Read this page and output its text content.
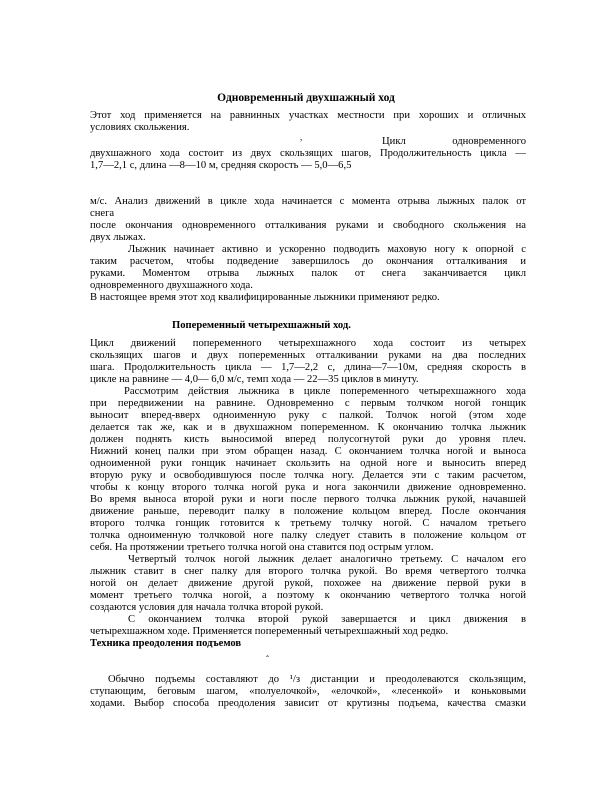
Одновременный двухшажный ход
Этот ход применяется на равнинных участках местности при хороших и отличных
условиях скольжения.
,	Цикл одновременного
двухшажного хода состоит из двух скользящих шагов, Продолжительность цикла —
1,7—2,1 с, длина —8—10 м, средняя скорость — 5,0—6,5
м/с. Анализ движений в цикле хода начинается с момента отрыва лыжных палок от
снега
после окончания одновременного отталкивания руками и свободного скольжения на
двух лыжах.
Лыжник начинает активно и ускоренно подводить маховую ногу к опорной с
таким расчетом, чтобы подведение завершилось до окончания отталкивания и
руками. Моментом отрыва лыжных палок от снега заканчивается цикл
одновременного двухшажного хода.
В настоящее время этот ход квалифицированные лыжники применяют редко.
Попеременный четырехшажный ход.
Цикл движений попеременного четырехшажного хода состоит из четырех
скользящих шагов и двух попеременных отталкивании руками на два последних
шага. Продолжительность цикла — 1,7—2,2 с, длина—7—10м, средняя скорость в
цикле на равнине — 4,0— 6,0 м/с, темп хода — 22—35 циклов в минуту.
Рассмотрим действия лыжника в цикле попеременного четырехшажного хода
при передвижении на равнине. Одновременно с первым толчком ногой гонщик
выносит вперед-вверх одноименную руку с палкой. Толчок ногой (этом ходе
делается так же, как и в двухшажном попеременном. К окончанию толчка лыжник
должен поднять кисть выносимой вперед полусогнутой руки до уровня плеч.
Нижний конец палки при этом обращен назад. С окончанием толчка ногой и выноса
одноименной руки гонщик начинает скользить на одной ноге и выносить вперед
вторую руку и освободившуюся после толчка ногу. Делается эти с таким расчетом,
чтобы к концу второго толчка ногой рука и нога закончили движение одновременно.
Во время выноса второй руки и ноги после первого толчка лыжник рукой, начавшей
движение раньше, переводит палку в положение кольцом вперед. После окончания
второго толчка гонщик готовится к третьему толчку ногой. С началом третьего
толчка одноименную толчковой ноге палку следует ставить в положение кольцом от
себя. На протяжении третьего толчка ногой она ставится под острым углом.
Четвертый толчок ногой лыжник делает аналогично третьему. С началом его
лыжник ставит в снег палку для второго толчка рукой. Во время четвертого толчка
ногой он делает движение другой рукой, похожее на движение первой руки в
момент третьего толчка ногой, а поэтому к окончанию четвертого толчка ногой
создаются условия для начала толчка второй рукой.
С окончанием толчка второй рукой завершается и цикл движения в
четырехшажном ходе. Применяется попеременный четырехшажный ход редко.
Техника преодоления подъемов
ˆ
Обычно подъемы составляют до ¹/з дистанции и преодолеваются скользящим,
ступающим, беговым шагом, «полуелочкой», «елочкой», «лесенкой» и коньковыми
ходами. Выбор способа преодоления зависит от крутизны подъема, качества смазки
